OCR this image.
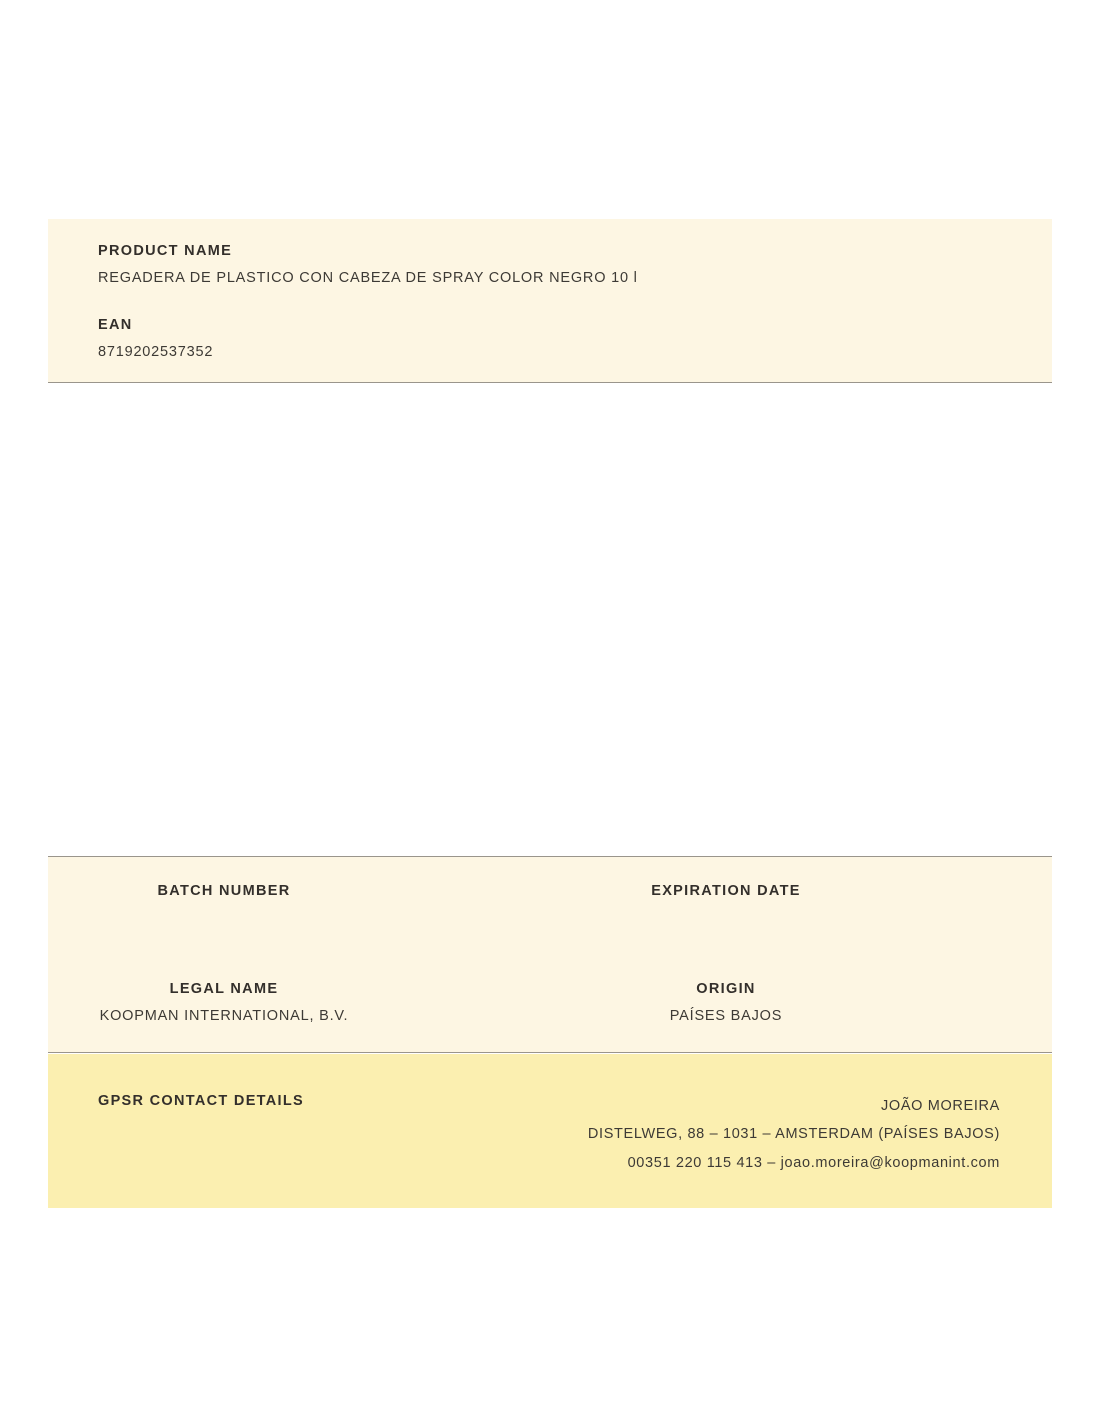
PRODUCT NAME
REGADERA DE PLASTICO CON CABEZA DE SPRAY COLOR NEGRO 10 l
EAN
8719202537352
BATCH NUMBER	EXPIRATION DATE
LEGAL NAME	ORIGIN
KOOPMAN INTERNATIONAL, B.V.	PAÍSES BAJOS
GPSR CONTACT DETAILS	JOÃO MOREIRA
DISTELWEG, 88 – 1031 – AMSTERDAM (PAÍSES BAJOS)
00351 220 115 413 – joao.moreira@koopmanint.com
